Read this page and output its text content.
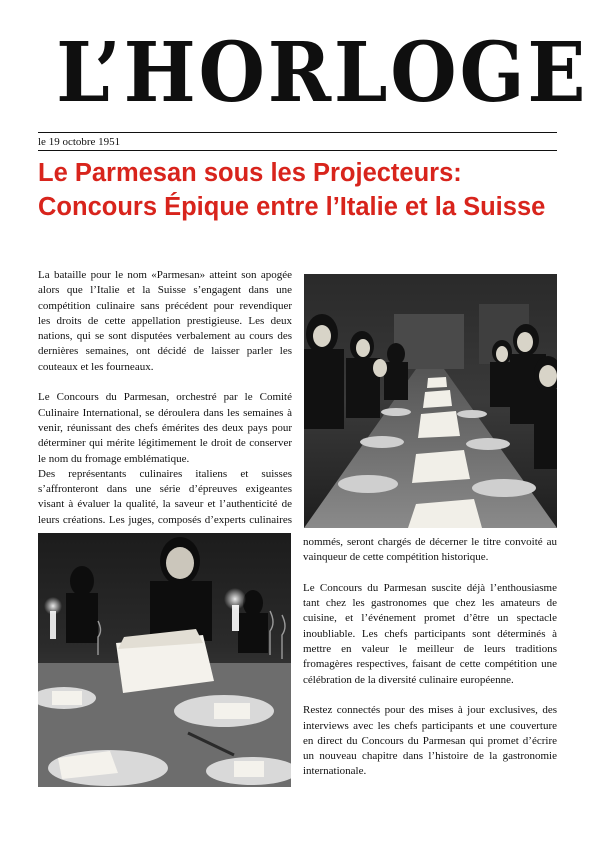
L’HORLOGE
le 19 octobre 1951
Le Parmesan sous les Projecteurs: Concours Épique entre l’Italie et la Suisse

La bataille pour le nom «Parmesan» atteint son apogée alors que l’Italie et la Suisse s’engagent dans une compétition culinaire sans précédent pour revendiquer les droits de cette appellation prestigieuse. Les deux nations, qui se sont disputées verbalement au cours des dernières semaines, ont décidé de laisser parler les couteaux et les fourneaux.

Le Concours du Parmesan, orchestré par le Comité Culinaire International, se déroulera dans les semaines à venir, réunissant des chefs émérites des deux pays pour déterminer qui mérite légitimement le droit de conserver le nom du fromage emblématique.

Des représentants culinaires italiens et suisses s’affronteront dans une série d’épreuves exigeantes visant à évaluer la qualité, la saveur et l’authenticité de leurs créations. Les juges, composés d’experts culinaires

nommés, seront chargés de décerner le titre convoité au vainqueur de cette compétition historique.

Le Concours du Parmesan suscite déjà l’enthousiasme tant chez les gastronomes que chez les amateurs de cuisine, et l’événement promet d’être un spectacle inoubliable. Les chefs participants sont déterminés à mettre en valeur le meilleur de leurs traditions fromagères respectives, faisant de cette compétition une célébration de la diversité culinaire européenne.

Restez connectés pour des mises à jour exclusives, des interviews avec les chefs participants et une couverture en direct du Concours du Parmesan qui promet d’écrire un nouveau chapitre dans l’histoire de la gastronomie internationale.
